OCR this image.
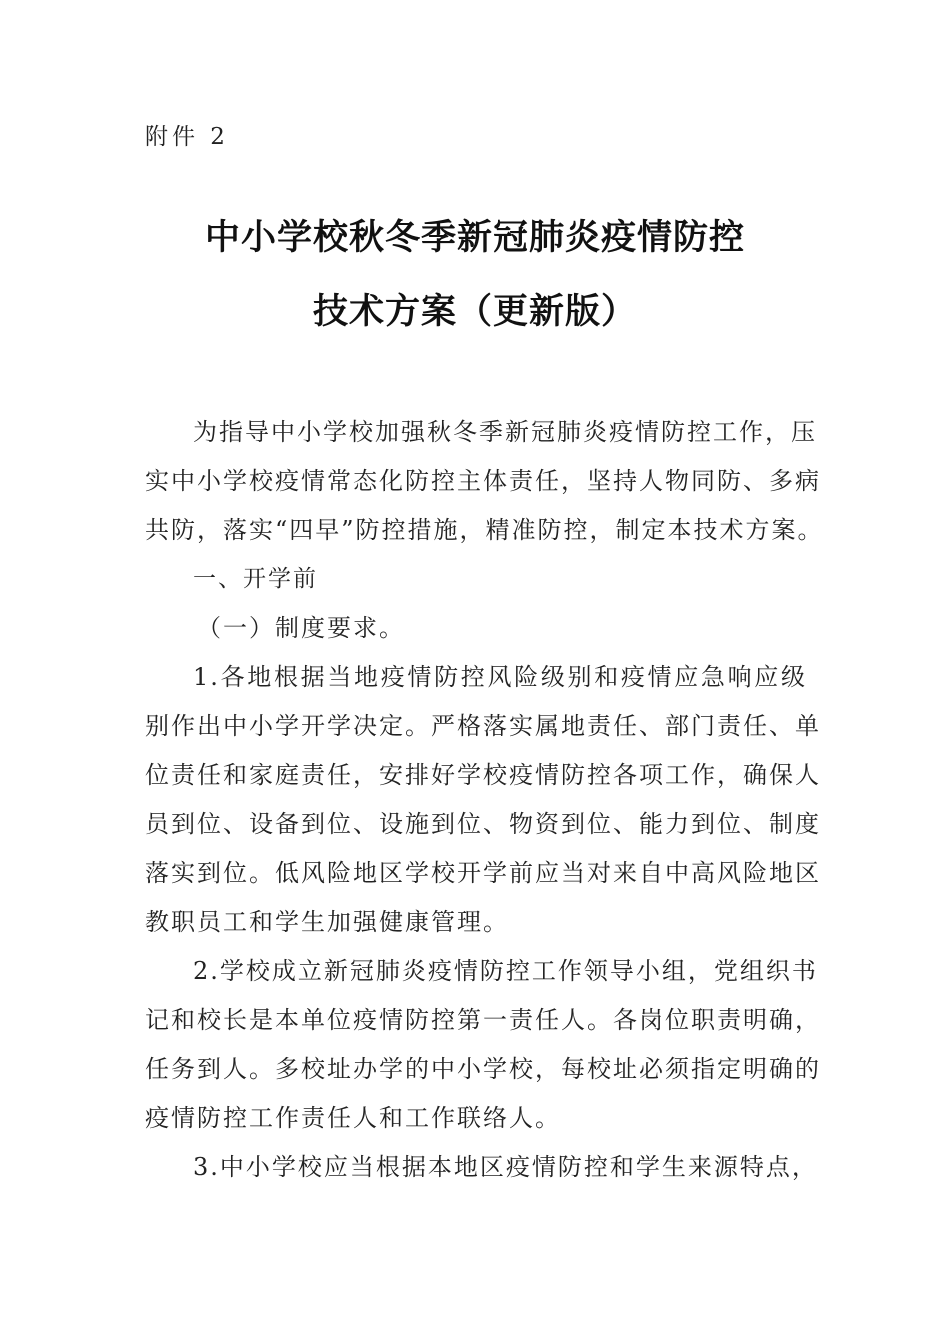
附件 2
中小学校秋冬季新冠肺炎疫情防控
技术方案（更新版）

为指导中小学校加强秋冬季新冠肺炎疫情防控工作，压
实中小学校疫情常态化防控主体责任，坚持人物同防、多病
共防，落实“四早”防控措施，精准防控，制定本技术方案。

一、开学前

（一）制度要求。

1.各地根据当地疫情防控风险级别和疫情应急响应级
别作出中小学开学决定。严格落实属地责任、部门责任、单
位责任和家庭责任，安排好学校疫情防控各项工作，确保人
员到位、设备到位、设施到位、物资到位、能力到位、制度
落实到位。低风险地区学校开学前应当对来自中高风险地区
教职员工和学生加强健康管理。

2.学校成立新冠肺炎疫情防控工作领导小组，党组织书
记和校长是本单位疫情防控第一责任人。各岗位职责明确，
任务到人。多校址办学的中小学校，每校址必须指定明确的
疫情防控工作责任人和工作联络人。

3.中小学校应当根据本地区疫情防控和学生来源特点，
